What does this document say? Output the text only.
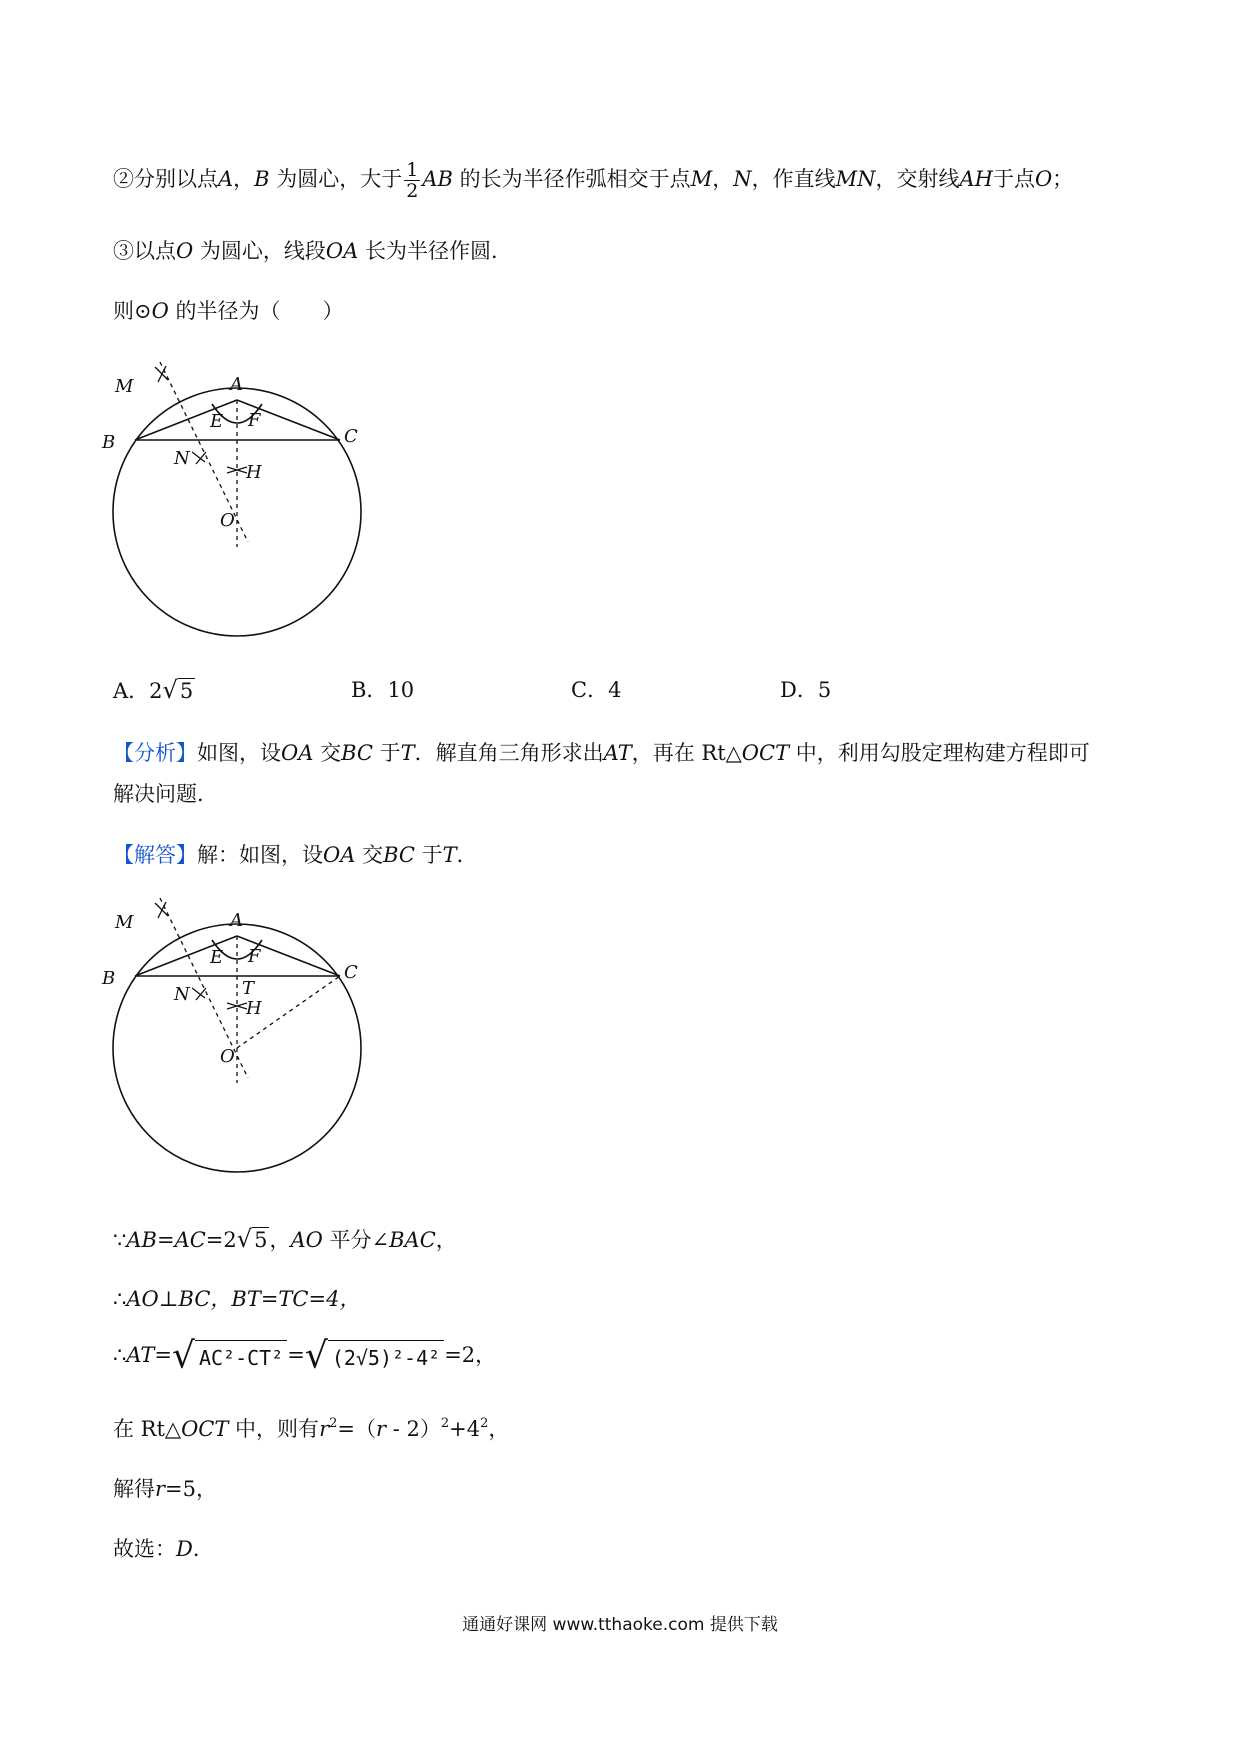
②分别以点A，B 为圆心，大于 $\frac{1}{2}$ AB 的长为半径作弧相交于点M，N，作直线MN，交射线AH于点O；
③以点O 为圆心，线段OA 长为半径作圆．
则⊙O 的半径为（　　）
M	A
B	C
E F
N
H
O
A．2√5	B．10	C．4	D．5
【分析】如图，设OA 交BC 于T．解直角三角形求出AT，再在 Rt△OCT 中，利用勾股定理构建方程即可
解决问题．
【解答】解：如图，设OA 交BC 于T．
M	A
B	C
E F
N	T
H
O
∵AB=AC=2√5，AO 平分∠BAC，
∴AO⊥BC，BT=TC=4，
∴AT=√ AC²-CT² =√ (2√5)²-4² =2，
在 Rt△OCT 中，则有$r^2=(r - 2)^2+4^2$，
解得r=5，
故选：D．
通通好课网 www.tthaoke.com 提供下载
